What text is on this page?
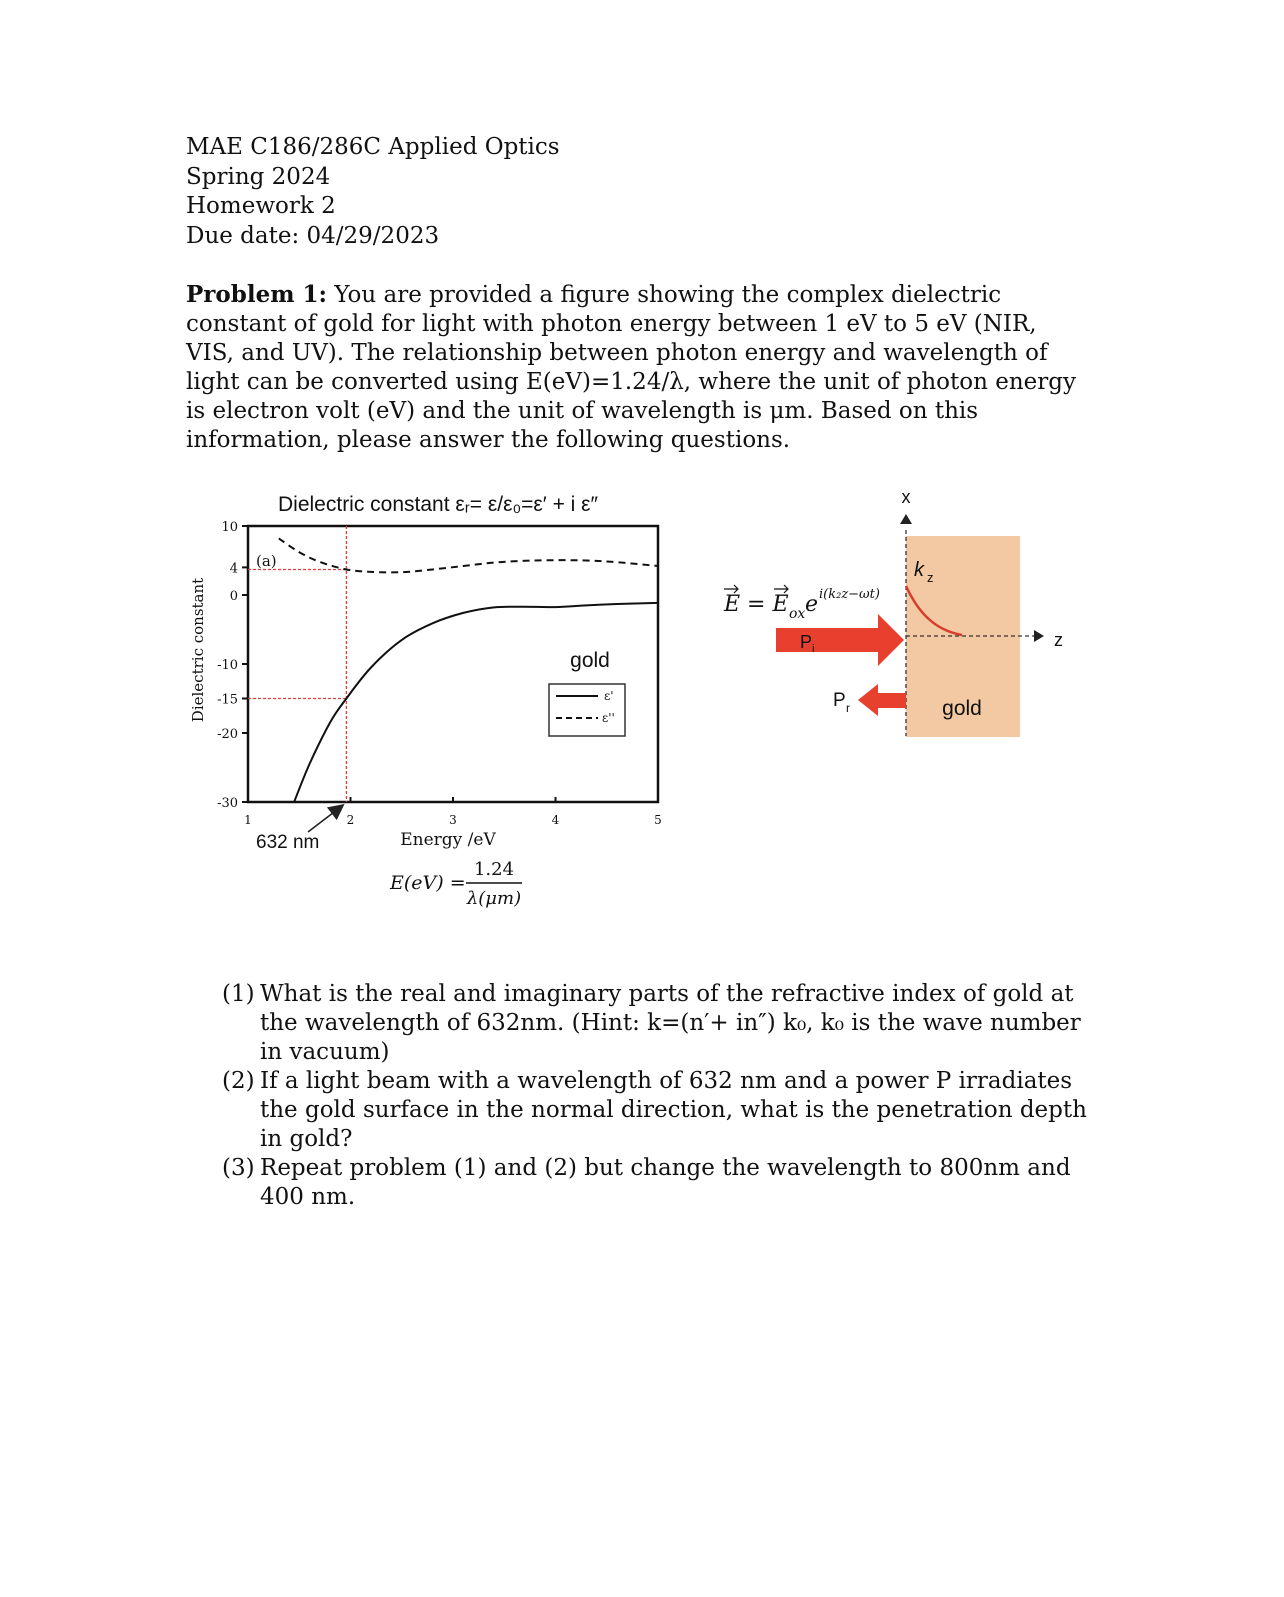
MAE C186/286C Applied Optics
Spring 2024
Homework 2
Due date: 04/29/2023
Problem 1: You are provided a figure showing the complex dielectric constant of gold for light with photon energy between 1 eV to 5 eV (NIR, VIS, and UV). The relationship between photon energy and wavelength of light can be converted using E(eV)=1.24/λ, where the unit of photon energy is electron volt (eV) and the unit of wavelength is μm. Based on this information, please answer the following questions.
Dielectric constant εᵣ= ε/ε₀=ε′ + i ε″
(a)
Dielectric constant
Energy /eV
10
4
0
-10
-15
-20
-30
1	2	3	4	5
632 nm
gold
ε'
ε''
E(eV) =
1.24
λ(μm)
x
z
k z
P i
P r	gold
E = E ox e i(k₂z−ωt)
(1) What is the real and imaginary parts of the refractive index of gold at the wavelength of 632nm. (Hint: k=(n′+ in″) k₀, k₀ is the wave number in vacuum)
(2) If a light beam with a wavelength of 632 nm and a power P irradiates the gold surface in the normal direction, what is the penetration depth in gold?
(3) Repeat problem (1) and (2) but change the wavelength to 800nm and 400 nm.
